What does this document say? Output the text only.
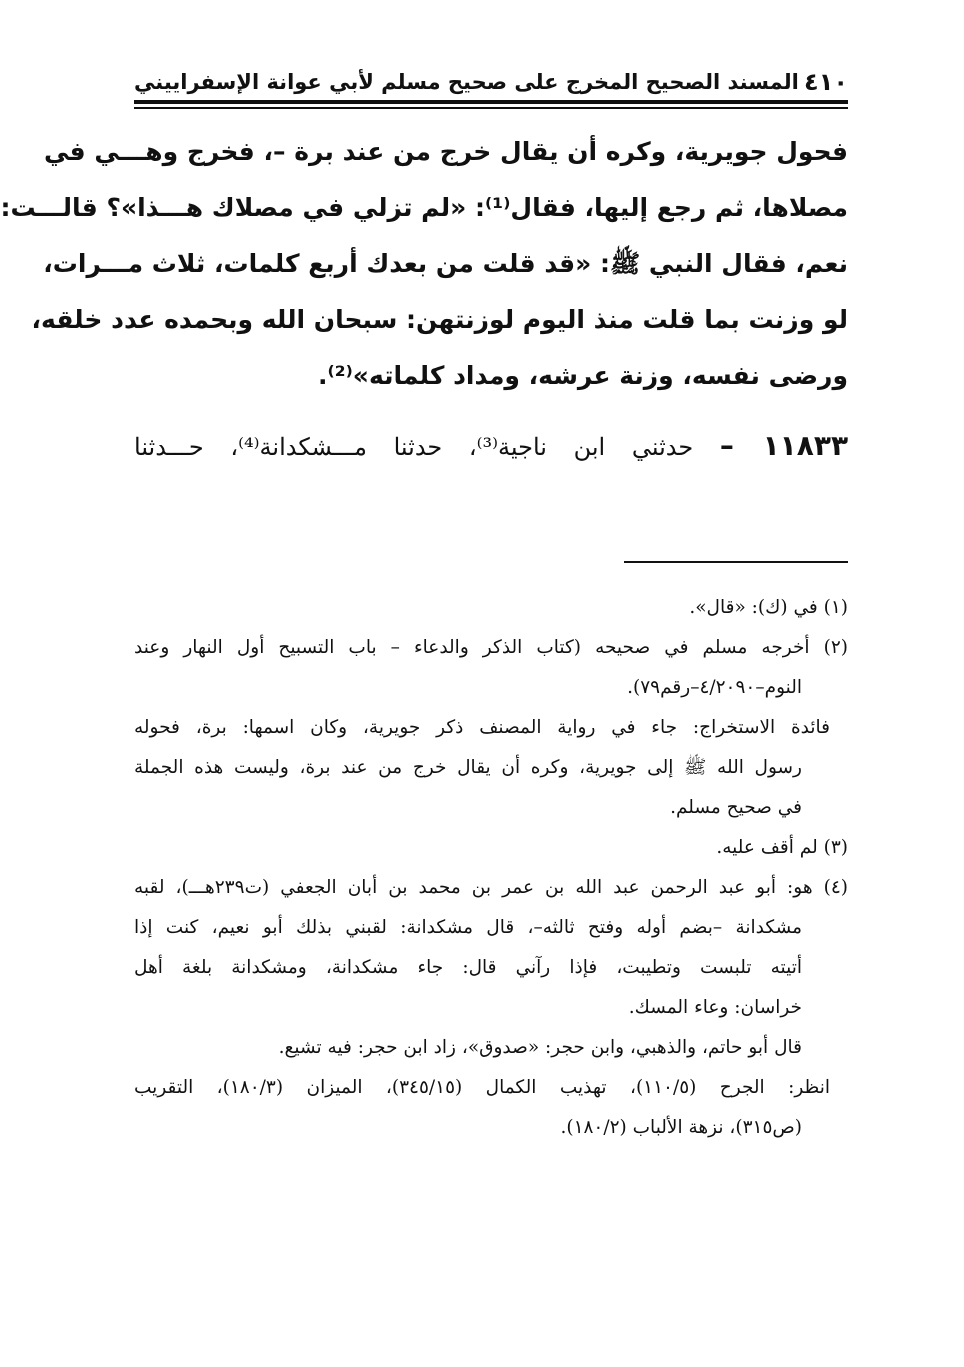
٤١٠
المسند الصحيح المخرج على صحيح مسلم لأبي عوانة الإسفراييني
فحول جويرية، وكره أن يقال خرج من عند برة –، فخرج وهـــي في
مصلاها، ثم رجع إليها، فقال⁽¹⁾: «لم تزلي في مصلاك هـــذا»؟ قالـــت:
نعم، فقال النبي ﷺ: «قد قلت من بعدك أربع كلمات، ثلاث مـــرات،
لو وزنت بما قلت منذ اليوم لوزنتهن: سبحان الله وبحمده عدد خلقه،
ورضى نفسه، وزنة عرشه، ومداد كلماته»⁽²⁾.
١١٨٣٣ – حدثني ابن ناجية⁽³⁾، حدثنا مـــشكدانة⁽⁴⁾، حـــدثنا
(١) في (ك): «قال».
(٢) أخرجه مسلم في صحيحه (كتاب الذكر والدعاء – باب التسبيح أول النهار وعند
النوم–٤/٢٠٩٠–رقم٧٩).
فائدة الاستخراج: جاء في رواية المصنف ذكر جويرية، وكان اسمها: برة، فحوله
رسول الله ﷺ إلى جويرية، وكره أن يقال خرج من عند برة، وليست هذه الجملة
في صحيح مسلم.
(٣) لم أقف عليه.
(٤) هو: أبو عبد الرحمن عبد الله بن عمر بن محمد بن أبان الجعفي (ت٢٣٩هـــ)، لقبه
مشكدانة –بضم أوله وفتح ثالثه–، قال مشكدانة: لقبني بذلك أبو نعيم، كنت إذا
أتيته تلبست وتطيبت، فإذا رآني قال: جاء مشكدانة، ومشكدانة بلغة أهل
خراسان: وعاء المسك.
قال أبو حاتم، والذهبي، وابن حجر: «صدوق»، زاد ابن حجر: فيه تشيع.
انظر: الجرح (١١٠/٥)، تهذيب الكمال (٣٤٥/١٥)، الميزان (١٨٠/٣)، التقريب
(ص٣١٥)، نزهة الألباب (١٨٠/٢).
